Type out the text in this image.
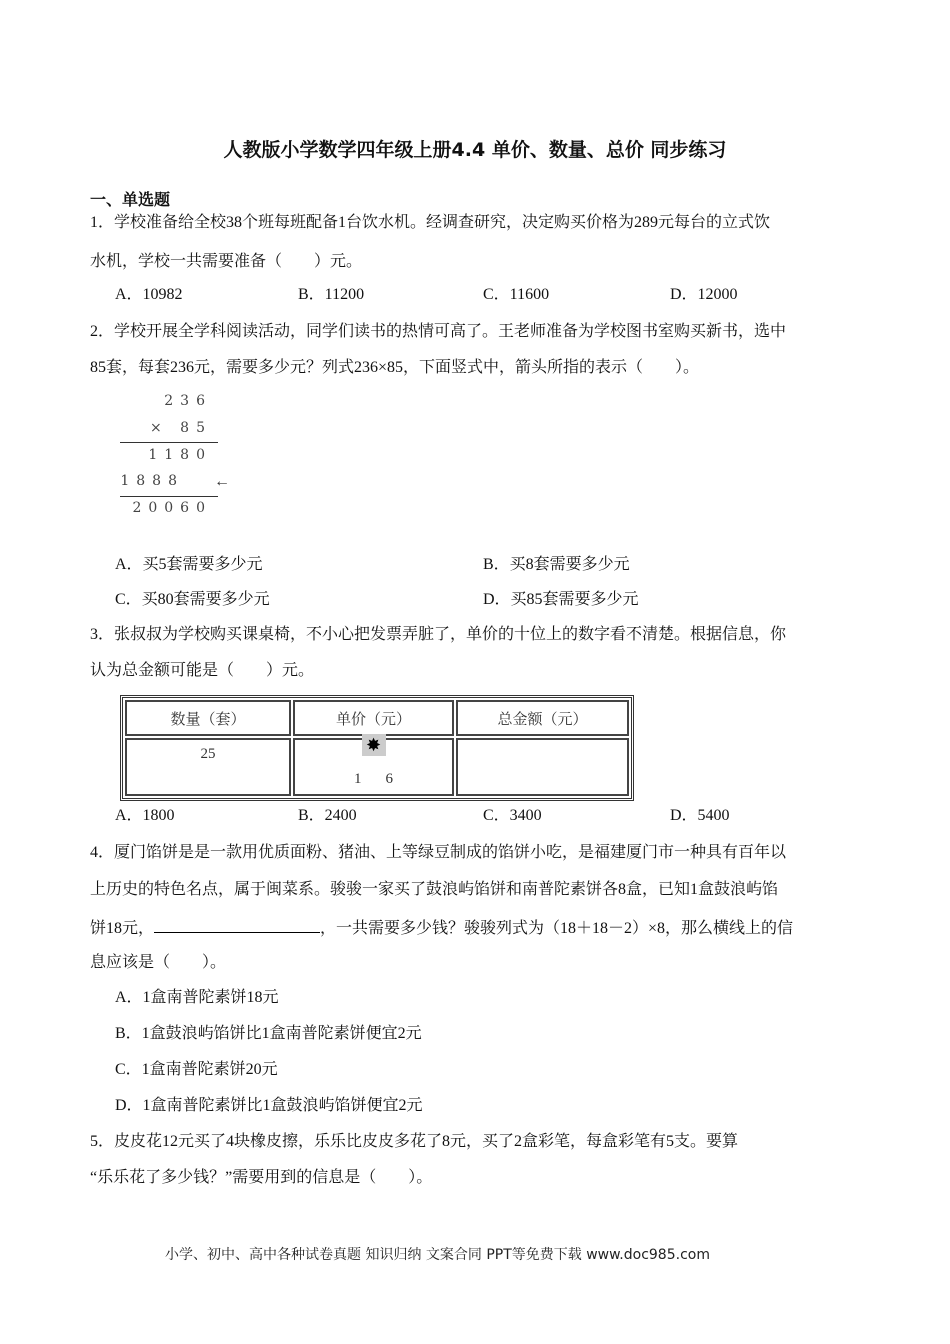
人教版小学数学四年级上册4.4 单价、数量、总价 同步练习
一、单选题
1．学校准备给全校38个班每班配备1台饮水机。经调查研究，决定购买价格为289元每台的立式饮
水机，学校一共需要准备（　　）元。
A．10982	B．11200	C．11600	D．12000
2．学校开展全学科阅读活动，同学们读书的热情可高了。王老师准备为学校图书室购买新书，选中
85套，每套236元，需要多少元？列式236×85，下面竖式中，箭头所指的表示（　　）。
236
× 85
1180
1888 ←
20060
A．买5套需要多少元	B．买8套需要多少元
C．买80套需要多少元	D．买85套需要多少元
3．张叔叔为学校购买课桌椅，不小心把发票弄脏了，单价的十位上的数字看不清楚。根据信息，你
认为总金额可能是（　　）元。
数量（套）	单价（元）	总金额（元）
25	1✸6	
A．1800	B．2400	C．3400	D．5400
4．厦门馅饼是是一款用优质面粉、猪油、上等绿豆制成的馅饼小吃，是福建厦门市一种具有百年以
上历史的特色名点，属于闽菜系。骏骏一家买了鼓浪屿馅饼和南普陀素饼各8盒，已知1盒鼓浪屿馅
饼18元，	，一共需要多少钱？骏骏列式为（18＋18－2）×8，那么横线上的信
息应该是（　　）。
A．1盒南普陀素饼18元
B．1盒鼓浪屿馅饼比1盒南普陀素饼便宜2元
C．1盒南普陀素饼20元
D．1盒南普陀素饼比1盒鼓浪屿馅饼便宜2元
5．皮皮花12元买了4块橡皮擦，乐乐比皮皮多花了8元，买了2盒彩笔，每盒彩笔有5支。要算
“乐乐花了多少钱？”需要用到的信息是（　　）。
小学、初中、高中各种试卷真题 知识归纳 文案合同 PPT等免费下载 www.doc985.com
